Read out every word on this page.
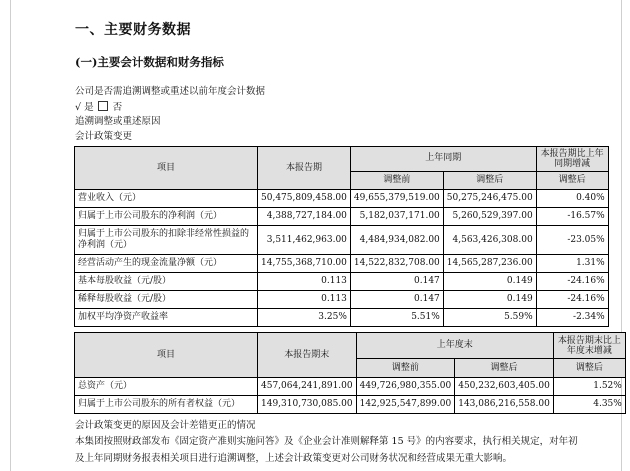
一、主要财务数据
(一)主要会计数据和财务指标
公司是否需追溯调整或重述以前年度会计数据
√ 是 否
追溯调整或重述原因
会计政策变更
项目	本报告期	上年同期		本报告期比上年同期增减
		调整前	调整后	调整后
营业收入（元）	50,475,809,458.00	49,655,379,519.00	50,275,246,475.00	0.40%
归属于上市公司股东的净利润（元）	4,388,727,184.00	5,182,037,171.00	5,260,529,397.00	-16.57%
归属于上市公司股东的扣除非经常性损益的净利润（元）	3,511,462,963.00	4,484,934,082.00	4,563,426,308.00	-23.05%
经营活动产生的现金流量净额（元）	14,755,368,710.00	14,522,832,708.00	14,565,287,236.00	1.31%
基本每股收益（元/股）	0.113	0.147	0.149	-24.16%
稀释每股收益（元/股）	0.113	0.147	0.149	-24.16%
加权平均净资产收益率	3.25%	5.51%	5.59%	-2.34%
项目	本报告期末	上年度末		本报告期末比上年度末增减
		调整前	调整后	调整后
总资产（元）	457,064,241,891.00	449,726,980,355.00	450,232,603,405.00	1.52%
归属于上市公司股东的所有者权益（元）	149,310,730,085.00	142,925,547,899.00	143,086,216,558.00	4.35%
会计政策变更的原因及会计差错更正的情况
本集团按照财政部发布《固定资产准则实施问答》及《企业会计准则解释第 15 号》的内容要求，执行相关规定，对年初及上年同期财务报表相关项目进行追溯调整，上述会计政策变更对公司财务状况和经营成果无重大影响。
